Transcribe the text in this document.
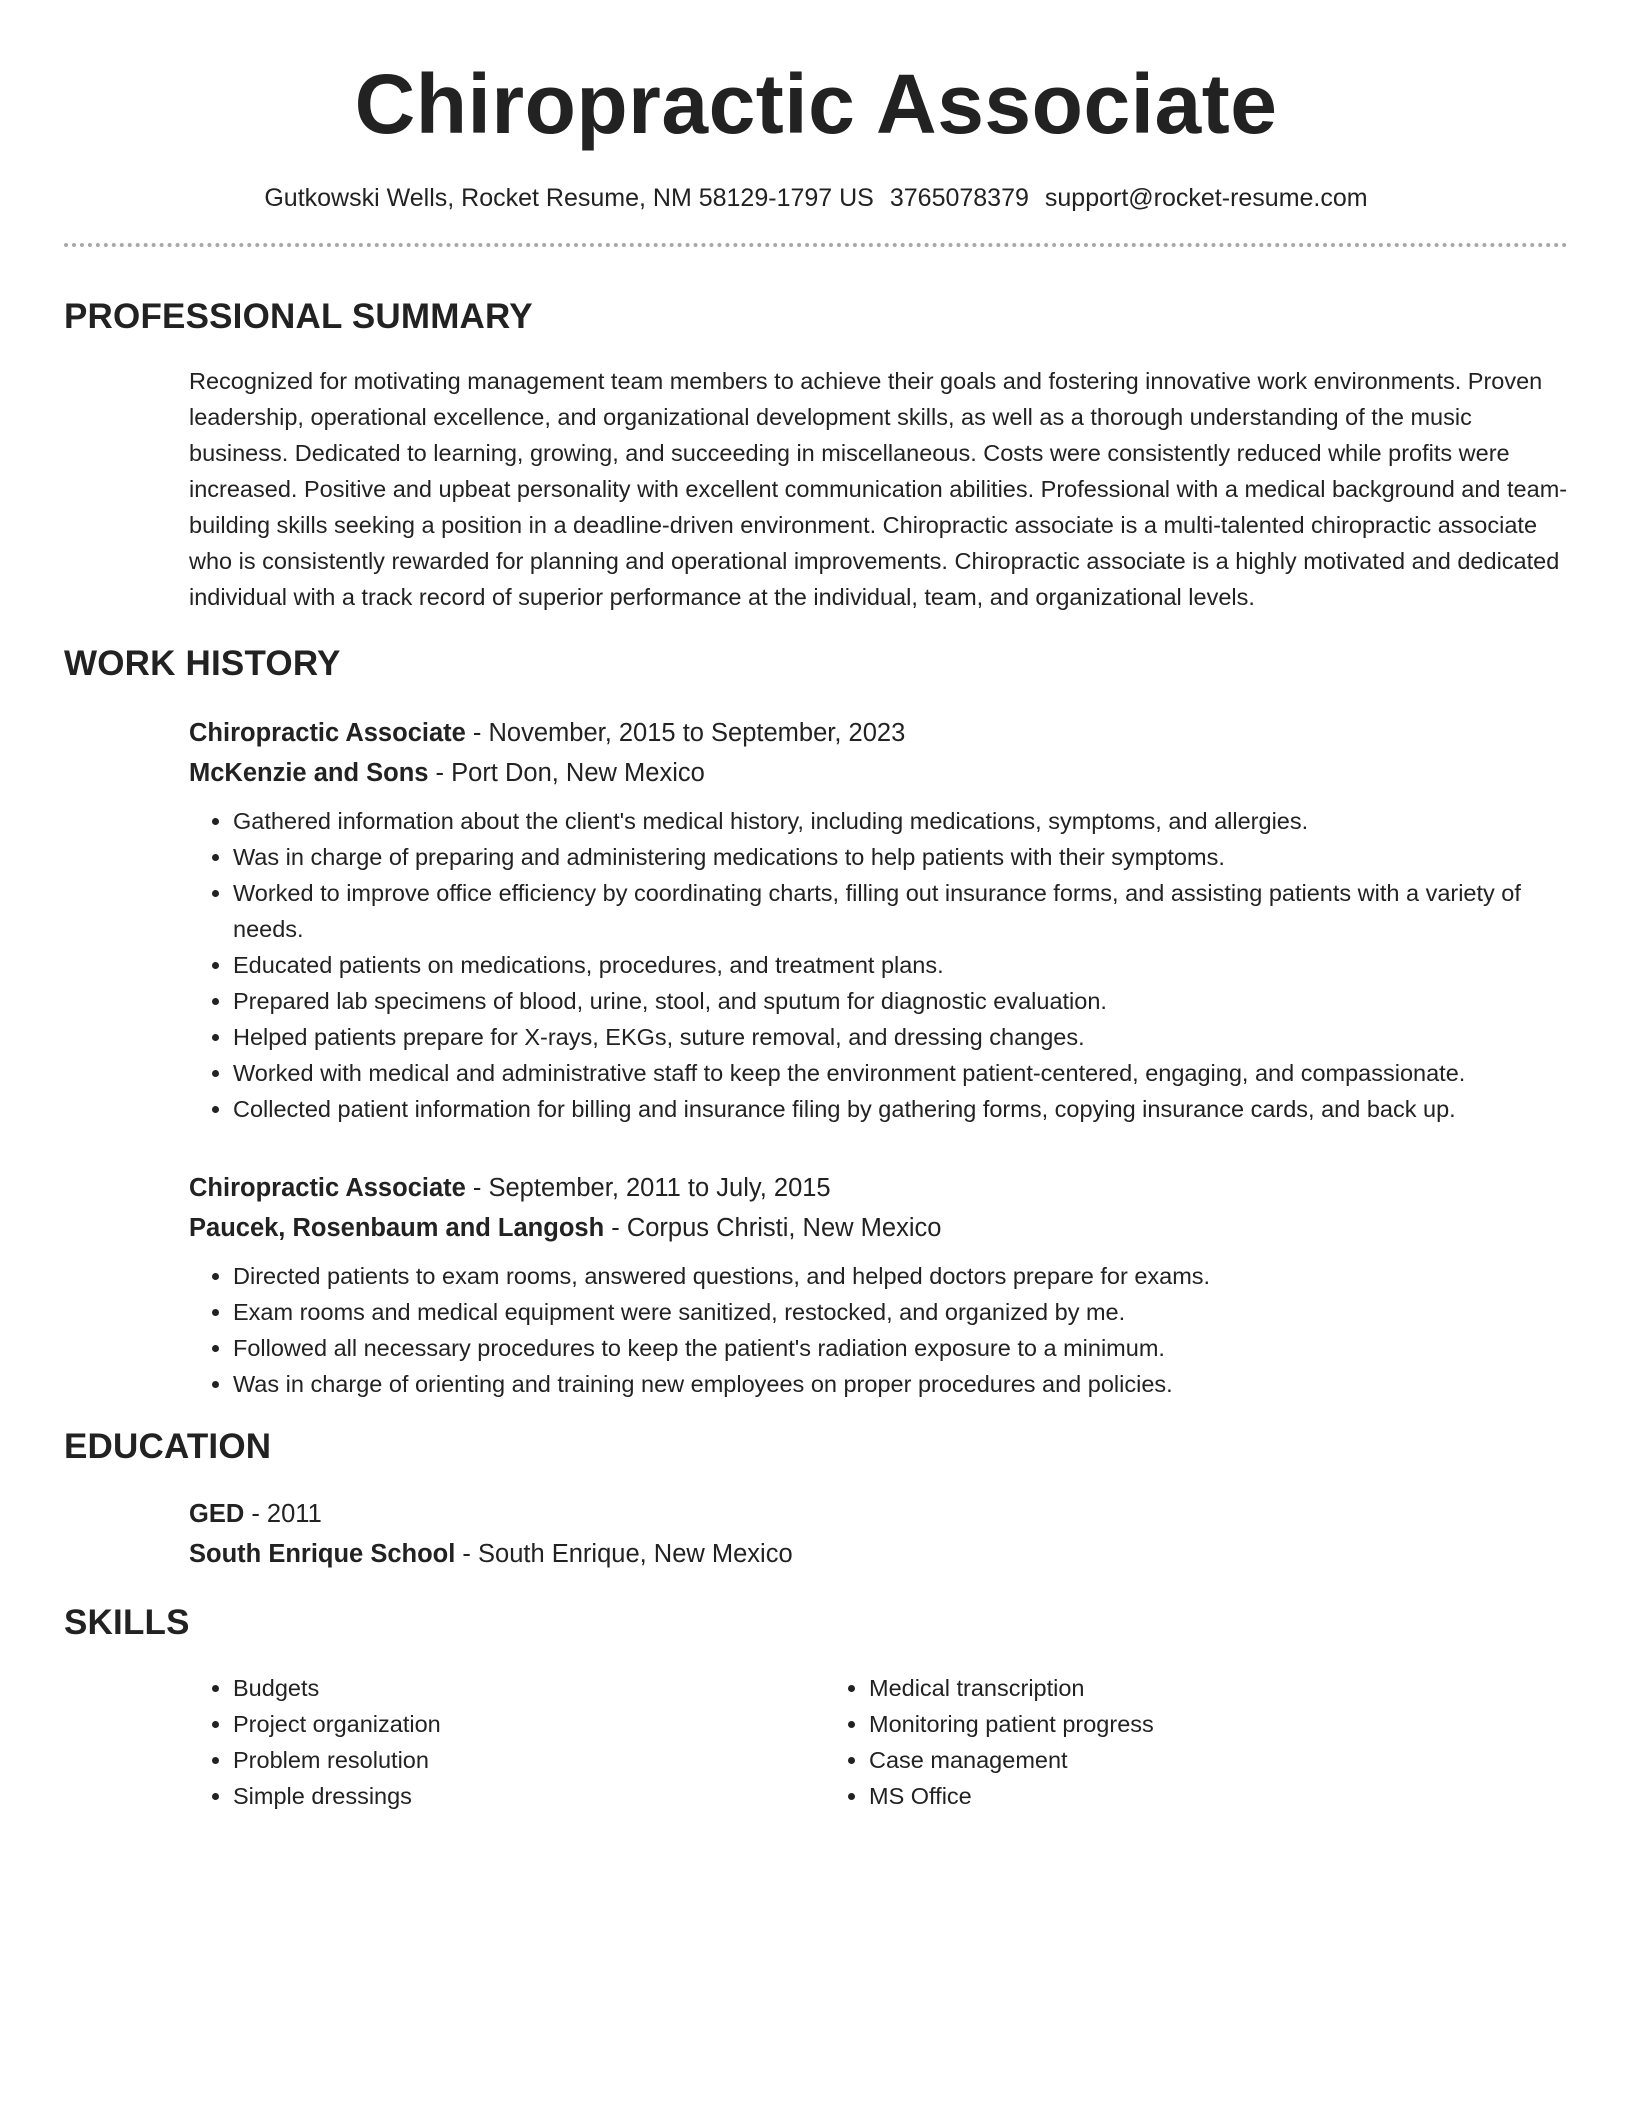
Chiropractic Associate
Gutkowski Wells, Rocket Resume, NM 58129-1797 US 3765078379 support@rocket-resume.com
PROFESSIONAL SUMMARY

Recognized for motivating management team members to achieve their goals and fostering innovative work environments. Proven leadership, operational excellence, and organizational development skills, as well as a thorough understanding of the music business. Dedicated to learning, growing, and succeeding in miscellaneous. Costs were consistently reduced while profits were increased. Positive and upbeat personality with excellent communication abilities. Professional with a medical background and team-building skills seeking a position in a deadline-driven environment. Chiropractic associate is a multi-talented chiropractic associate who is consistently rewarded for planning and operational improvements. Chiropractic associate is a highly motivated and dedicated individual with a track record of superior performance at the individual, team, and organizational levels.

WORK HISTORY
Chiropractic Associate - November, 2015 to September, 2023
McKenzie and Sons - Port Don, New Mexico
• Gathered information about the client's medical history, including medications, symptoms, and allergies.
• Was in charge of preparing and administering medications to help patients with their symptoms.
• Worked to improve office efficiency by coordinating charts, filling out insurance forms, and assisting patients with a variety of needs.
• Educated patients on medications, procedures, and treatment plans.
• Prepared lab specimens of blood, urine, stool, and sputum for diagnostic evaluation.
• Helped patients prepare for X-rays, EKGs, suture removal, and dressing changes.
• Worked with medical and administrative staff to keep the environment patient-centered, engaging, and compassionate.
• Collected patient information for billing and insurance filing by gathering forms, copying insurance cards, and back up.
Chiropractic Associate - September, 2011 to July, 2015
Paucek, Rosenbaum and Langosh - Corpus Christi, New Mexico
• Directed patients to exam rooms, answered questions, and helped doctors prepare for exams.
• Exam rooms and medical equipment were sanitized, restocked, and organized by me.
• Followed all necessary procedures to keep the patient's radiation exposure to a minimum.
• Was in charge of orienting and training new employees on proper procedures and policies.
EDUCATION
GED - 2011
South Enrique School - South Enrique, New Mexico
SKILLS
• Budgets
• Project organization
• Problem resolution
• Simple dressings
• Medical transcription
• Monitoring patient progress
• Case management
• MS Office
